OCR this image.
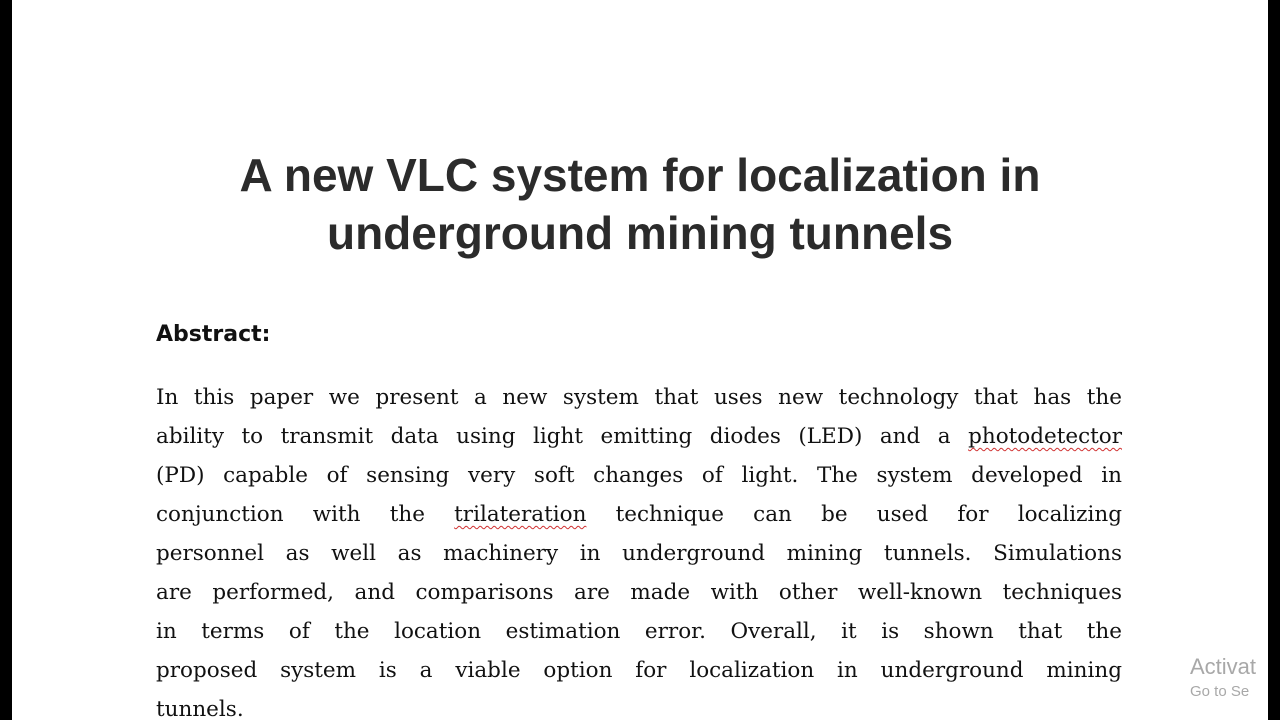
A new VLC system for localization in
underground mining tunnels
Abstract:

In this paper we present a new system that uses new technology that has the
ability to transmit data using light emitting diodes (LED) and a photodetector
(PD) capable of sensing very soft changes of light. The system developed in
conjunction with the trilateration technique can be used for localizing
personnel as well as machinery in underground mining tunnels. Simulations
are performed, and comparisons are made with other well-known techniques
in terms of the location estimation error. Overall, it is shown that the
proposed system is a viable option for localization in underground mining
tunnels.

Activat
Go to Se
